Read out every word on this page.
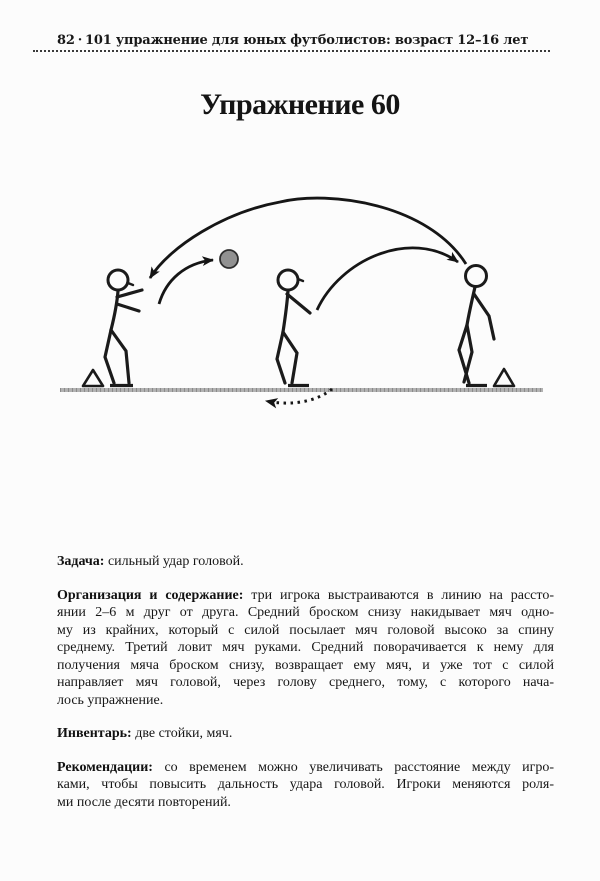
82 · 101 упражнение для юных футболистов: возраст 12–16 лет
Упражнение 60

Задача: сильный удар головой.

Организация и содержание: три игрока выстраиваются в линию на рассто-
янии 2–6 м друг от друга. Средний броском снизу накидывает мяч одно-
му из крайних, который с силой посылает мяч головой высоко за спину
среднему. Третий ловит мяч руками. Средний поворачивается к нему для
получения мяча броском снизу, возвращает ему мяч, и уже тот с силой
направляет мяч головой, через голову среднего, тому, с которого нача-
лось упражнение.

Инвентарь: две стойки, мяч.

Рекомендации: со временем можно увеличивать расстояние между игро-
ками, чтобы повысить дальность удара головой. Игроки меняются роля-
ми после десяти повторений.
